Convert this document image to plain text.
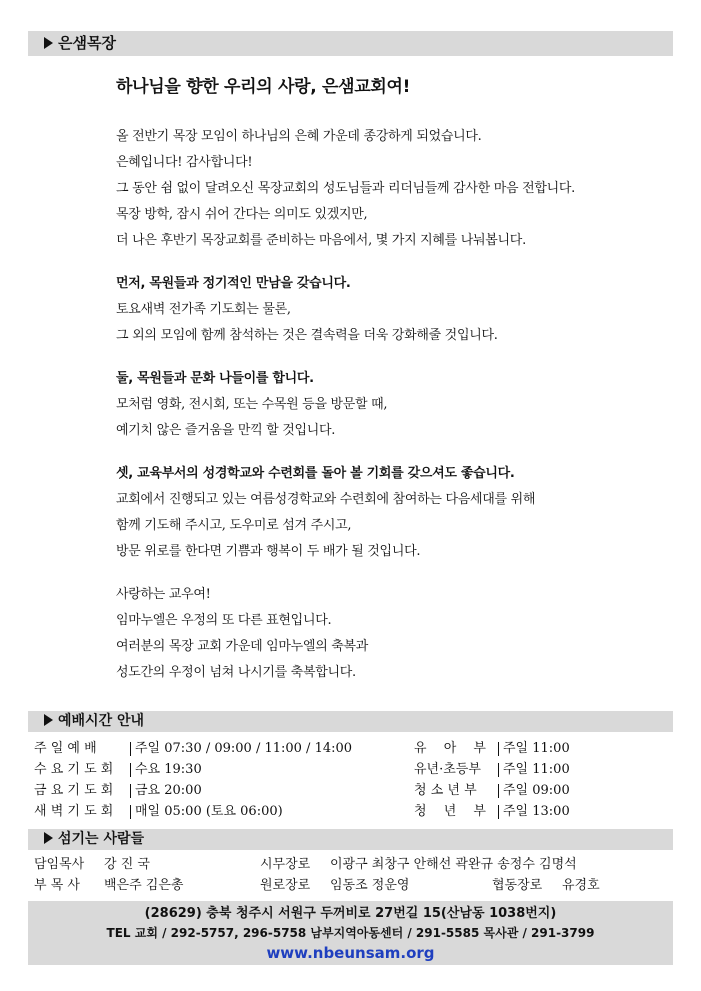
은샘목장
하나님을 향한 우리의 사랑, 은샘교회여!
올 전반기 목장 모임이 하나님의 은혜 가운데 종강하게 되었습니다.
은혜입니다! 감사합니다!
그 동안 쉼 없이 달려오신 목장교회의 성도님들과 리더님들께 감사한 마음 전합니다.
목장 방학, 잠시 쉬어 간다는 의미도 있겠지만,
더 나은 후반기 목장교회를 준비하는 마음에서, 몇 가지 지혜를 나눠봅니다.
먼저, 목원들과 정기적인 만남을 갖습니다.
토요새벽 전가족 기도회는 물론,
그 외의 모임에 함께 참석하는 것은 결속력을 더욱 강화해줄 것입니다.
둘, 목원들과 문화 나들이를 합니다.
모처럼 영화, 전시회, 또는 수목원 등을 방문할 때,
예기치 않은 즐거움을 만끽 할 것입니다.
셋, 교육부서의 성경학교와 수련회를 돌아 볼 기회를 갖으셔도 좋습니다.
교회에서 진행되고 있는 여름성경학교와 수련회에 참여하는 다음세대를 위해
함께 기도해 주시고, 도우미로 섬겨 주시고,
방문 위로를 한다면 기쁨과 행복이 두 배가 될 것입니다.
사랑하는 교우여!
임마누엘은 우정의 또 다른 표현입니다.
여러분의 목장 교회 가운데 임마누엘의 축복과
성도간의 우정이 넘쳐 나시기를 축복합니다.
예배시간 안내
주 일 예 배	주일 07:30 / 09:00 / 11:00 / 14:00
수 요 기 도 회	수요 19:30
금 요 기 도 회	금요 20:00
새 벽 기 도 회	매일 05:00 (토요 06:00)
유　 아　 부	주일 11:00
유년·초등부	주일 11:00
청 소 년 부	주일 09:00
청　 년　 부	주일 13:00
섬기는 사람들
담임목사 강 진 국	시무장로 이광구 최창구 안해선 곽완규 송정수 김명석
부 목 사 백은주 김은총	원로장로 임동조 정운영	협동장로 유경호
(28629) 충북 청주시 서원구 두꺼비로 27번길 15(산남동 1038번지)
TEL 교회 / 292-5757, 296-5758 남부지역아동센터 / 291-5585 목사관 / 291-3799
www.nbeunsam.org
